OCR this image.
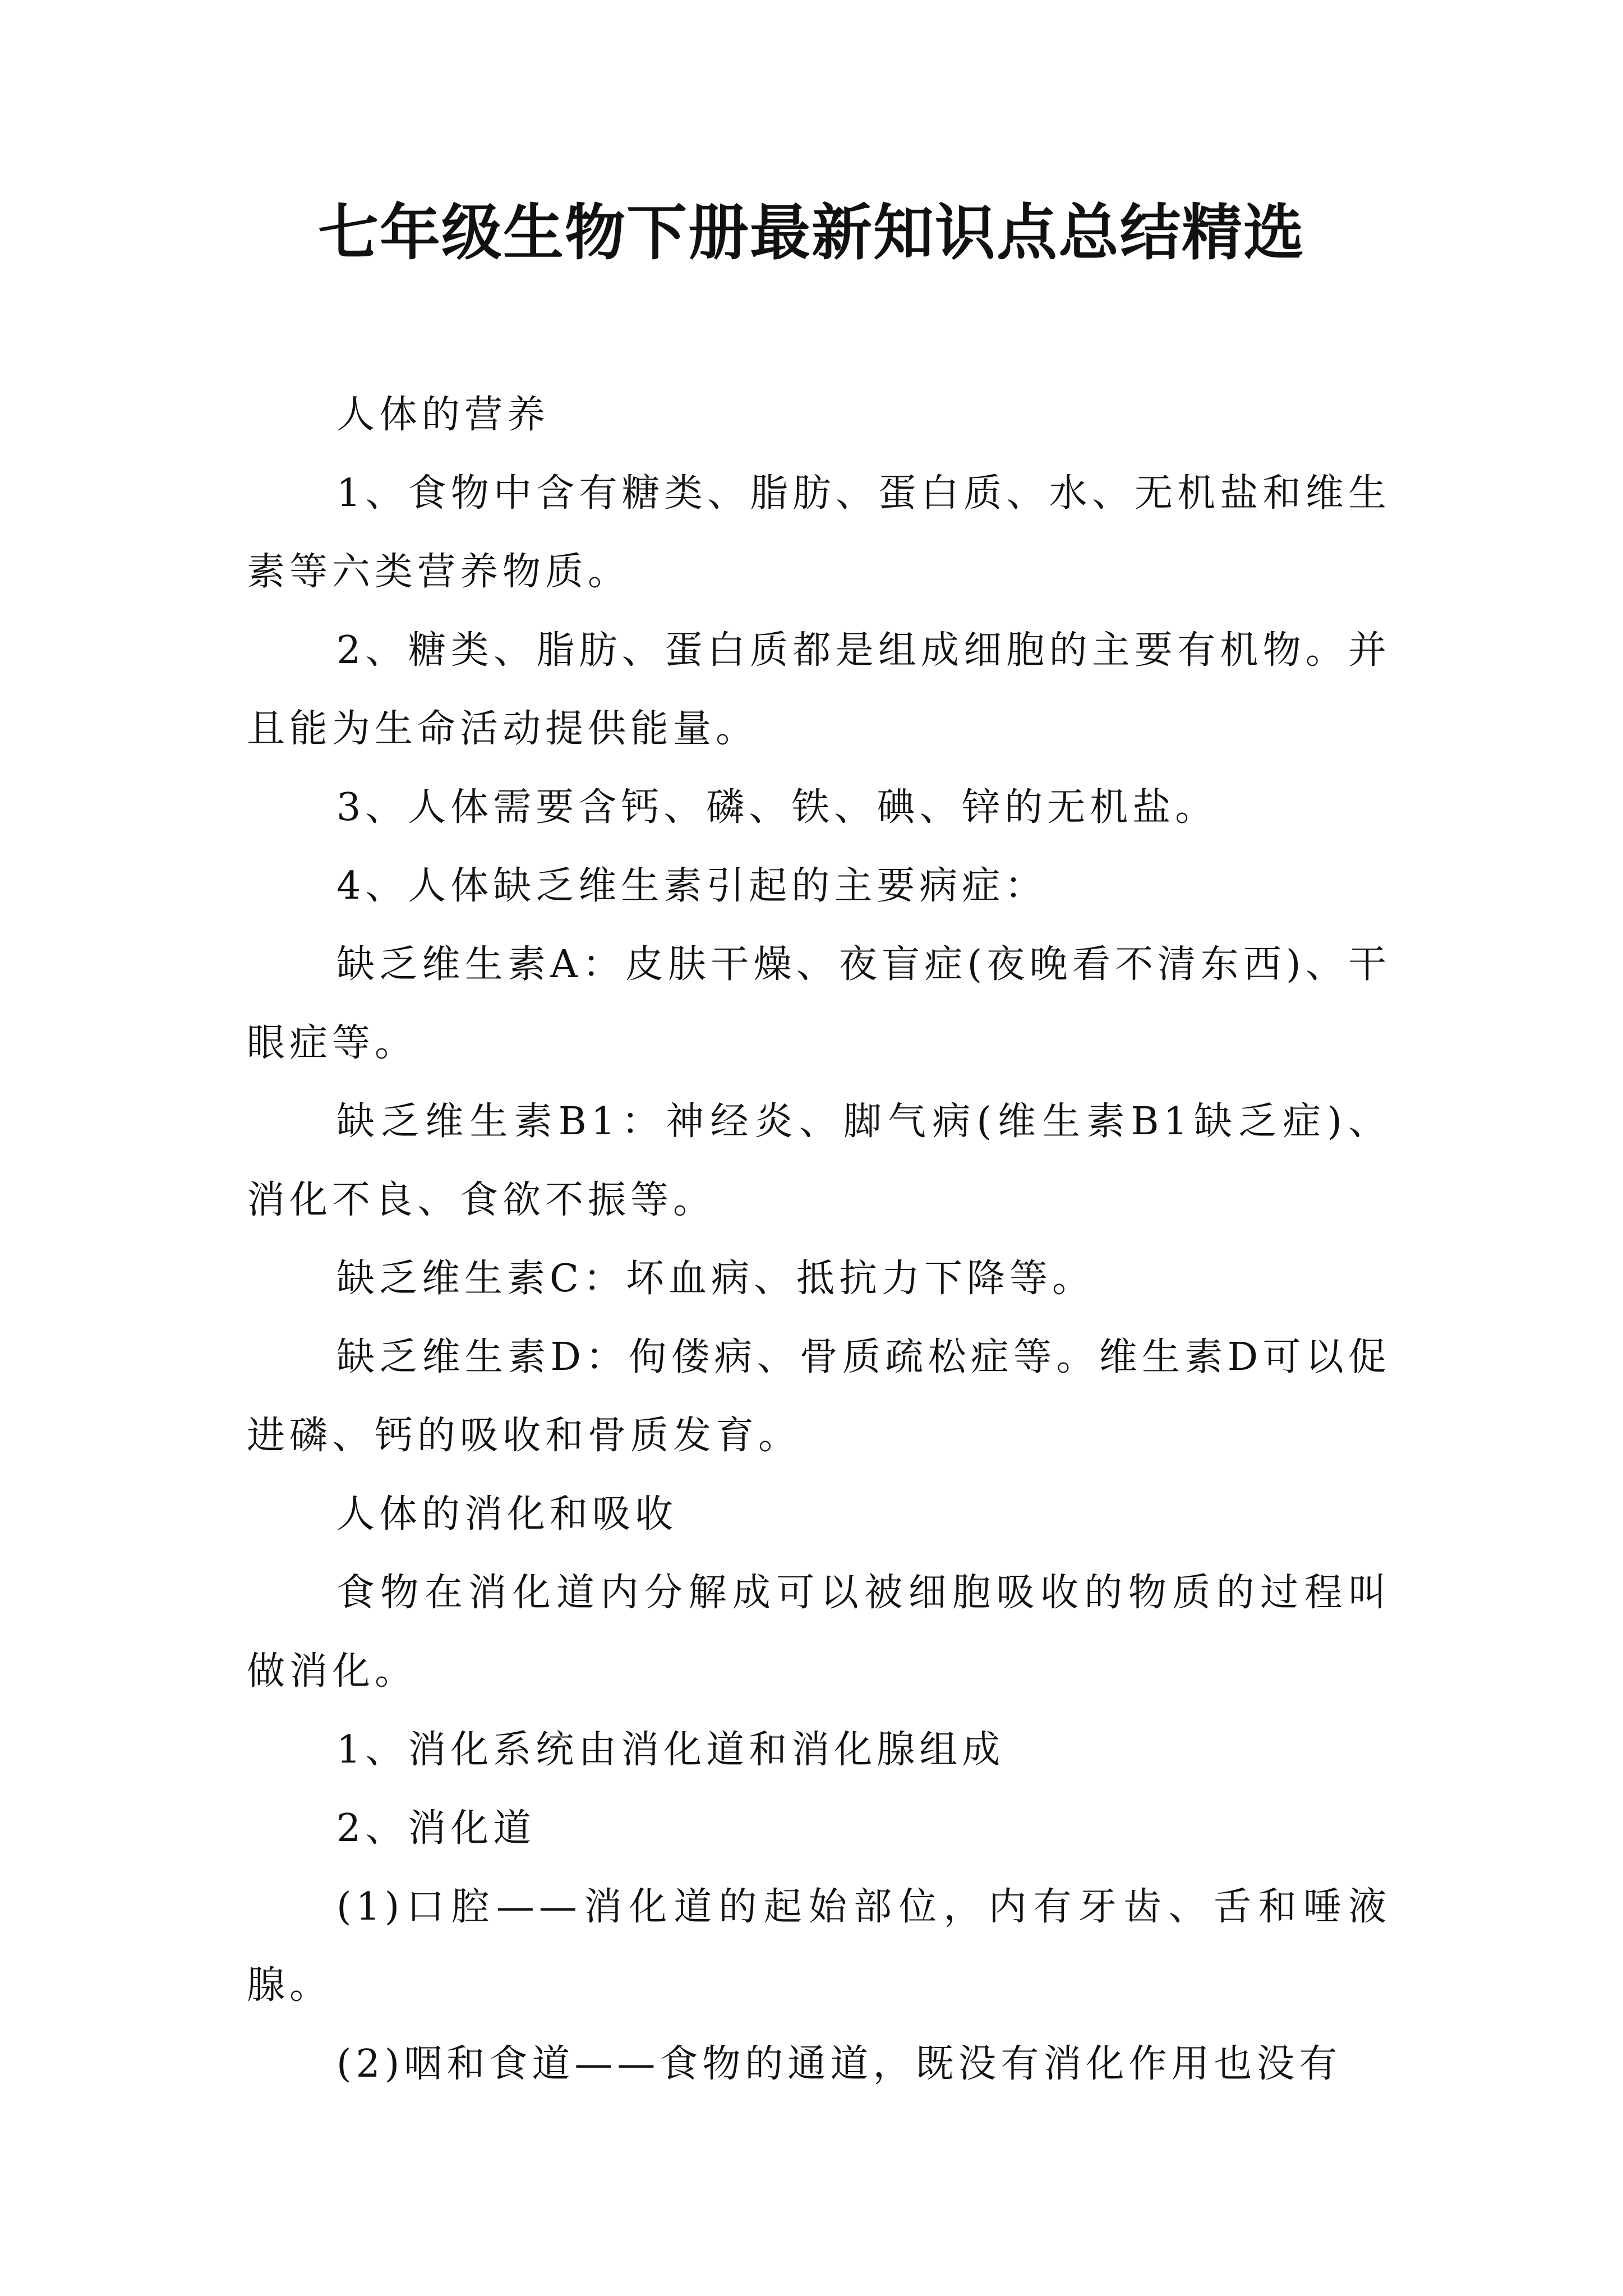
七年级生物下册最新知识点总结精选

人体的营养

1、食物中含有糖类、脂肪、蛋白质、水、无机盐和维生素等六类营养物质。

2、糖类、脂肪、蛋白质都是组成细胞的主要有机物。并且能为生命活动提供能量。

3、人体需要含钙、磷、铁、碘、锌的无机盐。

4、人体缺乏维生素引起的主要病症：

缺乏维生素A：皮肤干燥、夜盲症(夜晚看不清东西)、干眼症等。

缺乏维生素B1：神经炎、脚气病(维生素B1缺乏症)、消化不良、食欲不振等。

缺乏维生素C：坏血病、抵抗力下降等。

缺乏维生素D：佝偻病、骨质疏松症等。维生素D可以促进磷、钙的吸收和骨质发育。

人体的消化和吸收

食物在消化道内分解成可以被细胞吸收的物质的过程叫做消化。

1、消化系统由消化道和消化腺组成

2、消化道

(1)口腔——消化道的起始部位，内有牙齿、舌和唾液腺。

(2)咽和食道——食物的通道，既没有消化作用也没有
